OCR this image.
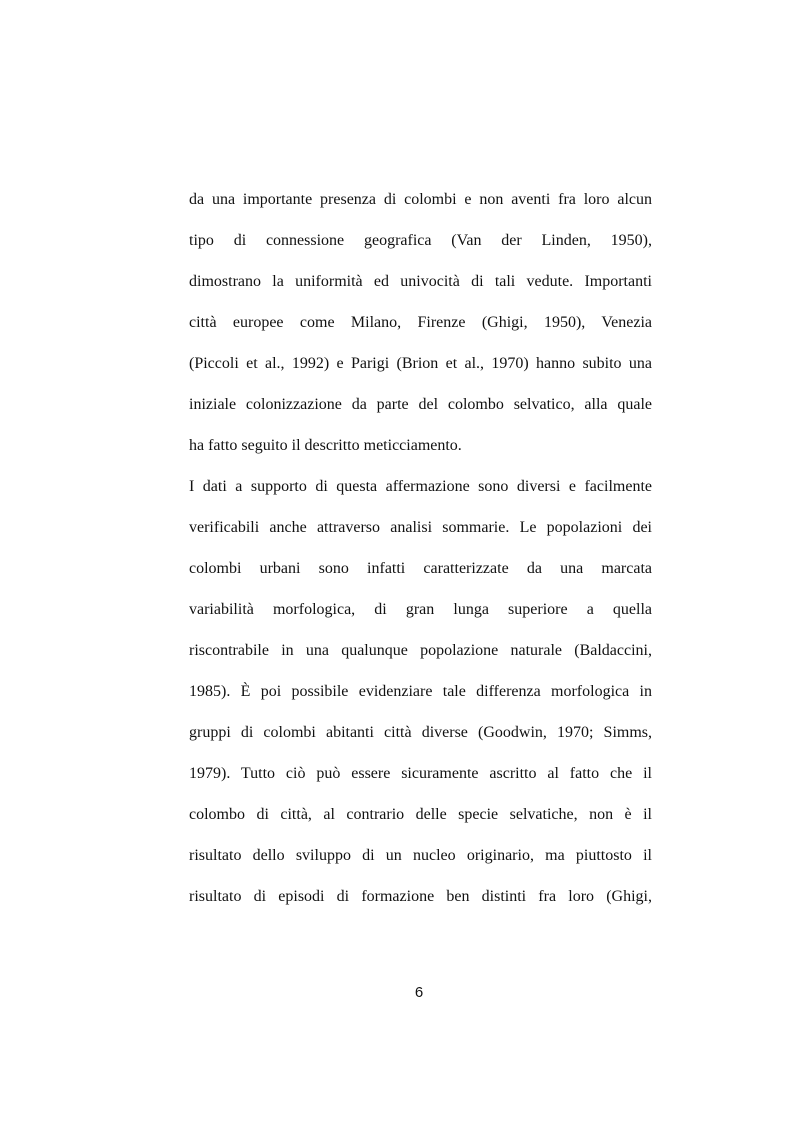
da una importante presenza di colombi e non aventi fra loro alcun
tipo di connessione geografica (Van der Linden, 1950),
dimostrano la uniformità ed univocità di tali vedute. Importanti
città europee come Milano, Firenze (Ghigi, 1950), Venezia
(Piccoli et al., 1992) e Parigi (Brion et al., 1970) hanno subito una
iniziale colonizzazione da parte del colombo selvatico, alla quale
ha fatto seguito il descritto meticciamento.
I dati a supporto di questa affermazione sono diversi e facilmente
verificabili anche attraverso analisi sommarie. Le popolazioni dei
colombi urbani sono infatti caratterizzate da una marcata
variabilità morfologica, di gran lunga superiore a quella
riscontrabile in una qualunque popolazione naturale (Baldaccini,
1985). È poi possibile evidenziare tale differenza morfologica in
gruppi di colombi abitanti città diverse (Goodwin, 1970; Simms,
1979). Tutto ciò può essere sicuramente ascritto al fatto che il
colombo di città, al contrario delle specie selvatiche, non è il
risultato dello sviluppo di un nucleo originario, ma piuttosto il
risultato di episodi di formazione ben distinti fra loro (Ghigi,
6
